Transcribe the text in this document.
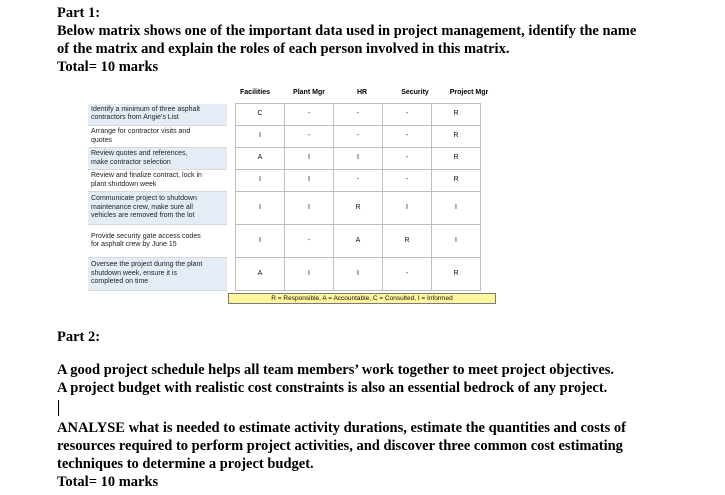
Part 1:
Below matrix shows one of the important data used in project management, identify the name
of the matrix and explain the roles of each person involved in this matrix.
Total= 10 marks
Facilities	Plant Mgr	HR	Security	Project Mgr
Identify a minimum of three asphalt
contractors from Angie's List		C	-	-	-	R

Arrange for contractor visits and
quotes		I	-	-	-	R

Review quotes and references,
make contractor selection		A	I	I	-	R

Review and finalize contract, lock in
plant shutdown week		I	I	-	-	R

Communicate project to shutdown
maintenance crew, make sure all
vehicles are removed from the lot		I	I	R	I	I

Provide security gate access codes
for asphalt crew by June 15		I	-	A	R	I

Oversee the project during the plant
shutdown week, ensure it is
completed on time		A	I	I	-	R
R = Responsible, A = Accountable, C = Consulted, I = Informed
Part 2:
A good project schedule helps all team members’ work together to meet project objectives.
A project budget with realistic cost constraints is also an essential bedrock of any project.
ANALYSE what is needed to estimate activity durations, estimate the quantities and costs of
resources required to perform project activities, and discover three common cost estimating
techniques to determine a project budget.
Total= 10 marks
